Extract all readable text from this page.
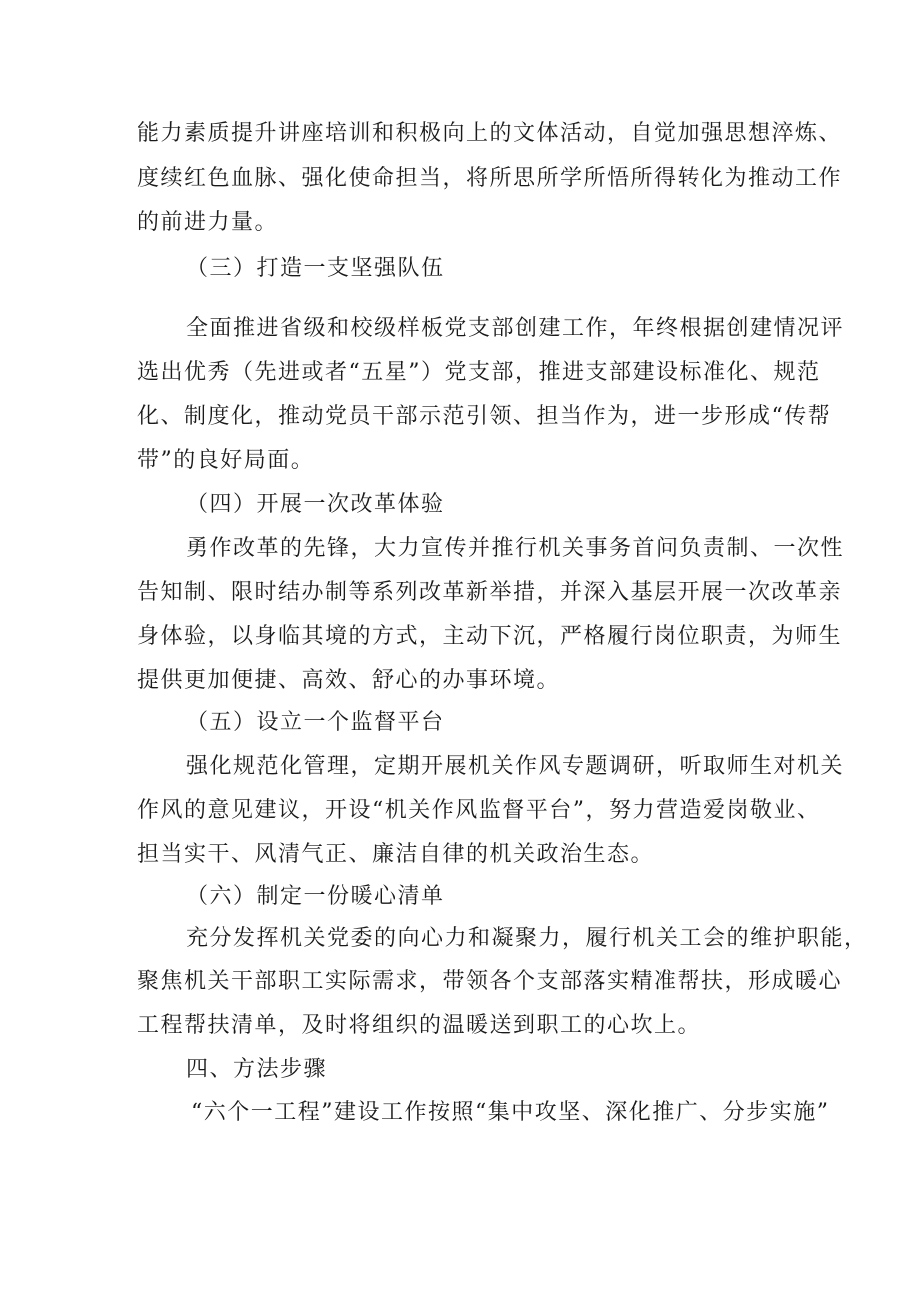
能力素质提升讲座培训和积极向上的文体活动，自觉加强思想淬炼、
度续红色血脉、强化使命担当，将所思所学所悟所得转化为推动工作
的前进力量。
（三）打造一支坚强队伍
全面推进省级和校级样板党支部创建工作，年终根据创建情况评
选出优秀（先进或者“五星”）党支部，推进支部建设标准化、规范
化、制度化，推动党员干部示范引领、担当作为，进一步形成“传帮
带”的良好局面。
（四）开展一次改革体验
勇作改革的先锋，大力宣传并推行机关事务首问负责制、一次性
告知制、限时结办制等系列改革新举措，并深入基层开展一次改革亲
身体验，以身临其境的方式，主动下沉，严格履行岗位职责，为师生
提供更加便捷、高效、舒心的办事环境。
（五）设立一个监督平台
强化规范化管理，定期开展机关作风专题调研，听取师生对机关
作风的意见建议，开设“机关作风监督平台”，努力营造爱岗敬业、
担当实干、风清气正、廉洁自律的机关政治生态。
（六）制定一份暖心清单
充分发挥机关党委的向心力和凝聚力，履行机关工会的维护职能，
聚焦机关干部职工实际需求，带领各个支部落实精准帮扶，形成暖心
工程帮扶清单，及时将组织的温暖送到职工的心坎上。
四、方法步骤
“六个一工程”建设工作按照“集中攻坚、深化推广、分步实施”
